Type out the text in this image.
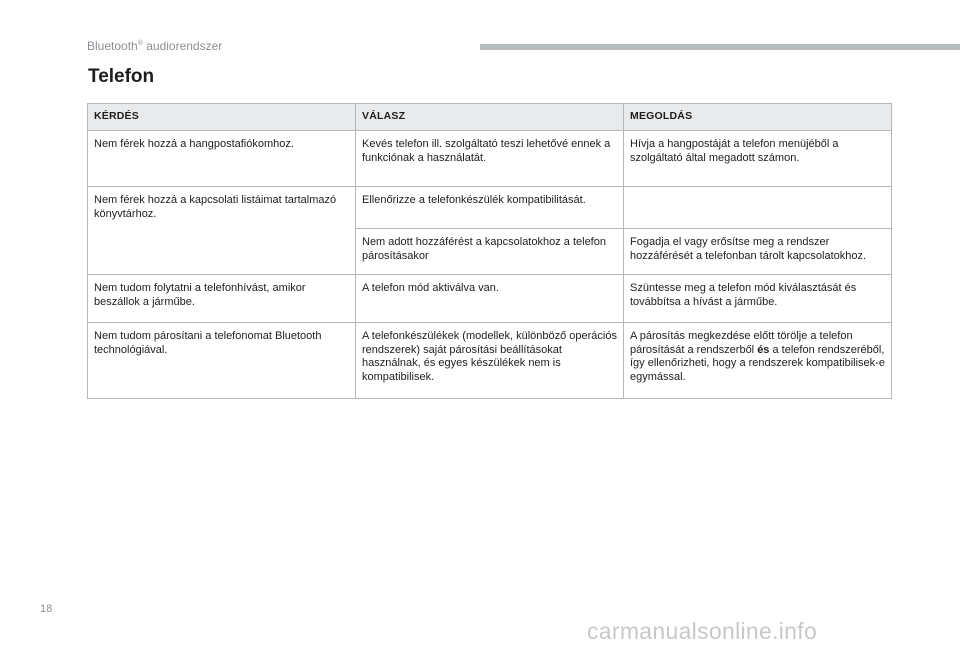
Bluetooth® audiorendszer
Telefon
KÉRDÉS	VÁLASZ	MEGOLDÁS
Nem férek hozzá a hangpostafiókomhoz.	Kevés telefon ill. szolgáltató teszi lehetővé ennek a funkciónak a használatát.	Hívja a hangpostáját a telefon menüjéből a szolgáltató által megadott számon.
Nem férek hozzá a kapcsolati listáimat tartalmazó könyvtárhoz.	Ellenőrizze a telefonkészülék kompatibilitását.	
	Nem adott hozzáférést a kapcsolatokhoz a telefon párosításakor	Fogadja el vagy erősítse meg a rendszer hozzáférését a telefonban tárolt kapcsolatokhoz.
Nem tudom folytatni a telefonhívást, amikor beszállok a járműbe.	A telefon mód aktiválva van.	Szüntesse meg a telefon mód kiválasztását és továbbítsa a hívást a járműbe.
Nem tudom párosítani a telefonomat Bluetooth technológiával.	A telefonkészülékek (modellek, különböző operációs rendszerek) saját párosítási beállításokat használnak, és egyes készülékek nem is kompatibilisek.	A párosítás megkezdése előtt törölje a telefon párosítását a rendszerből és a telefon rendszeréből, így ellenőrizheti, hogy a rendszerek kompatibilisek-e egymással.
18
carmanualsonline.info
